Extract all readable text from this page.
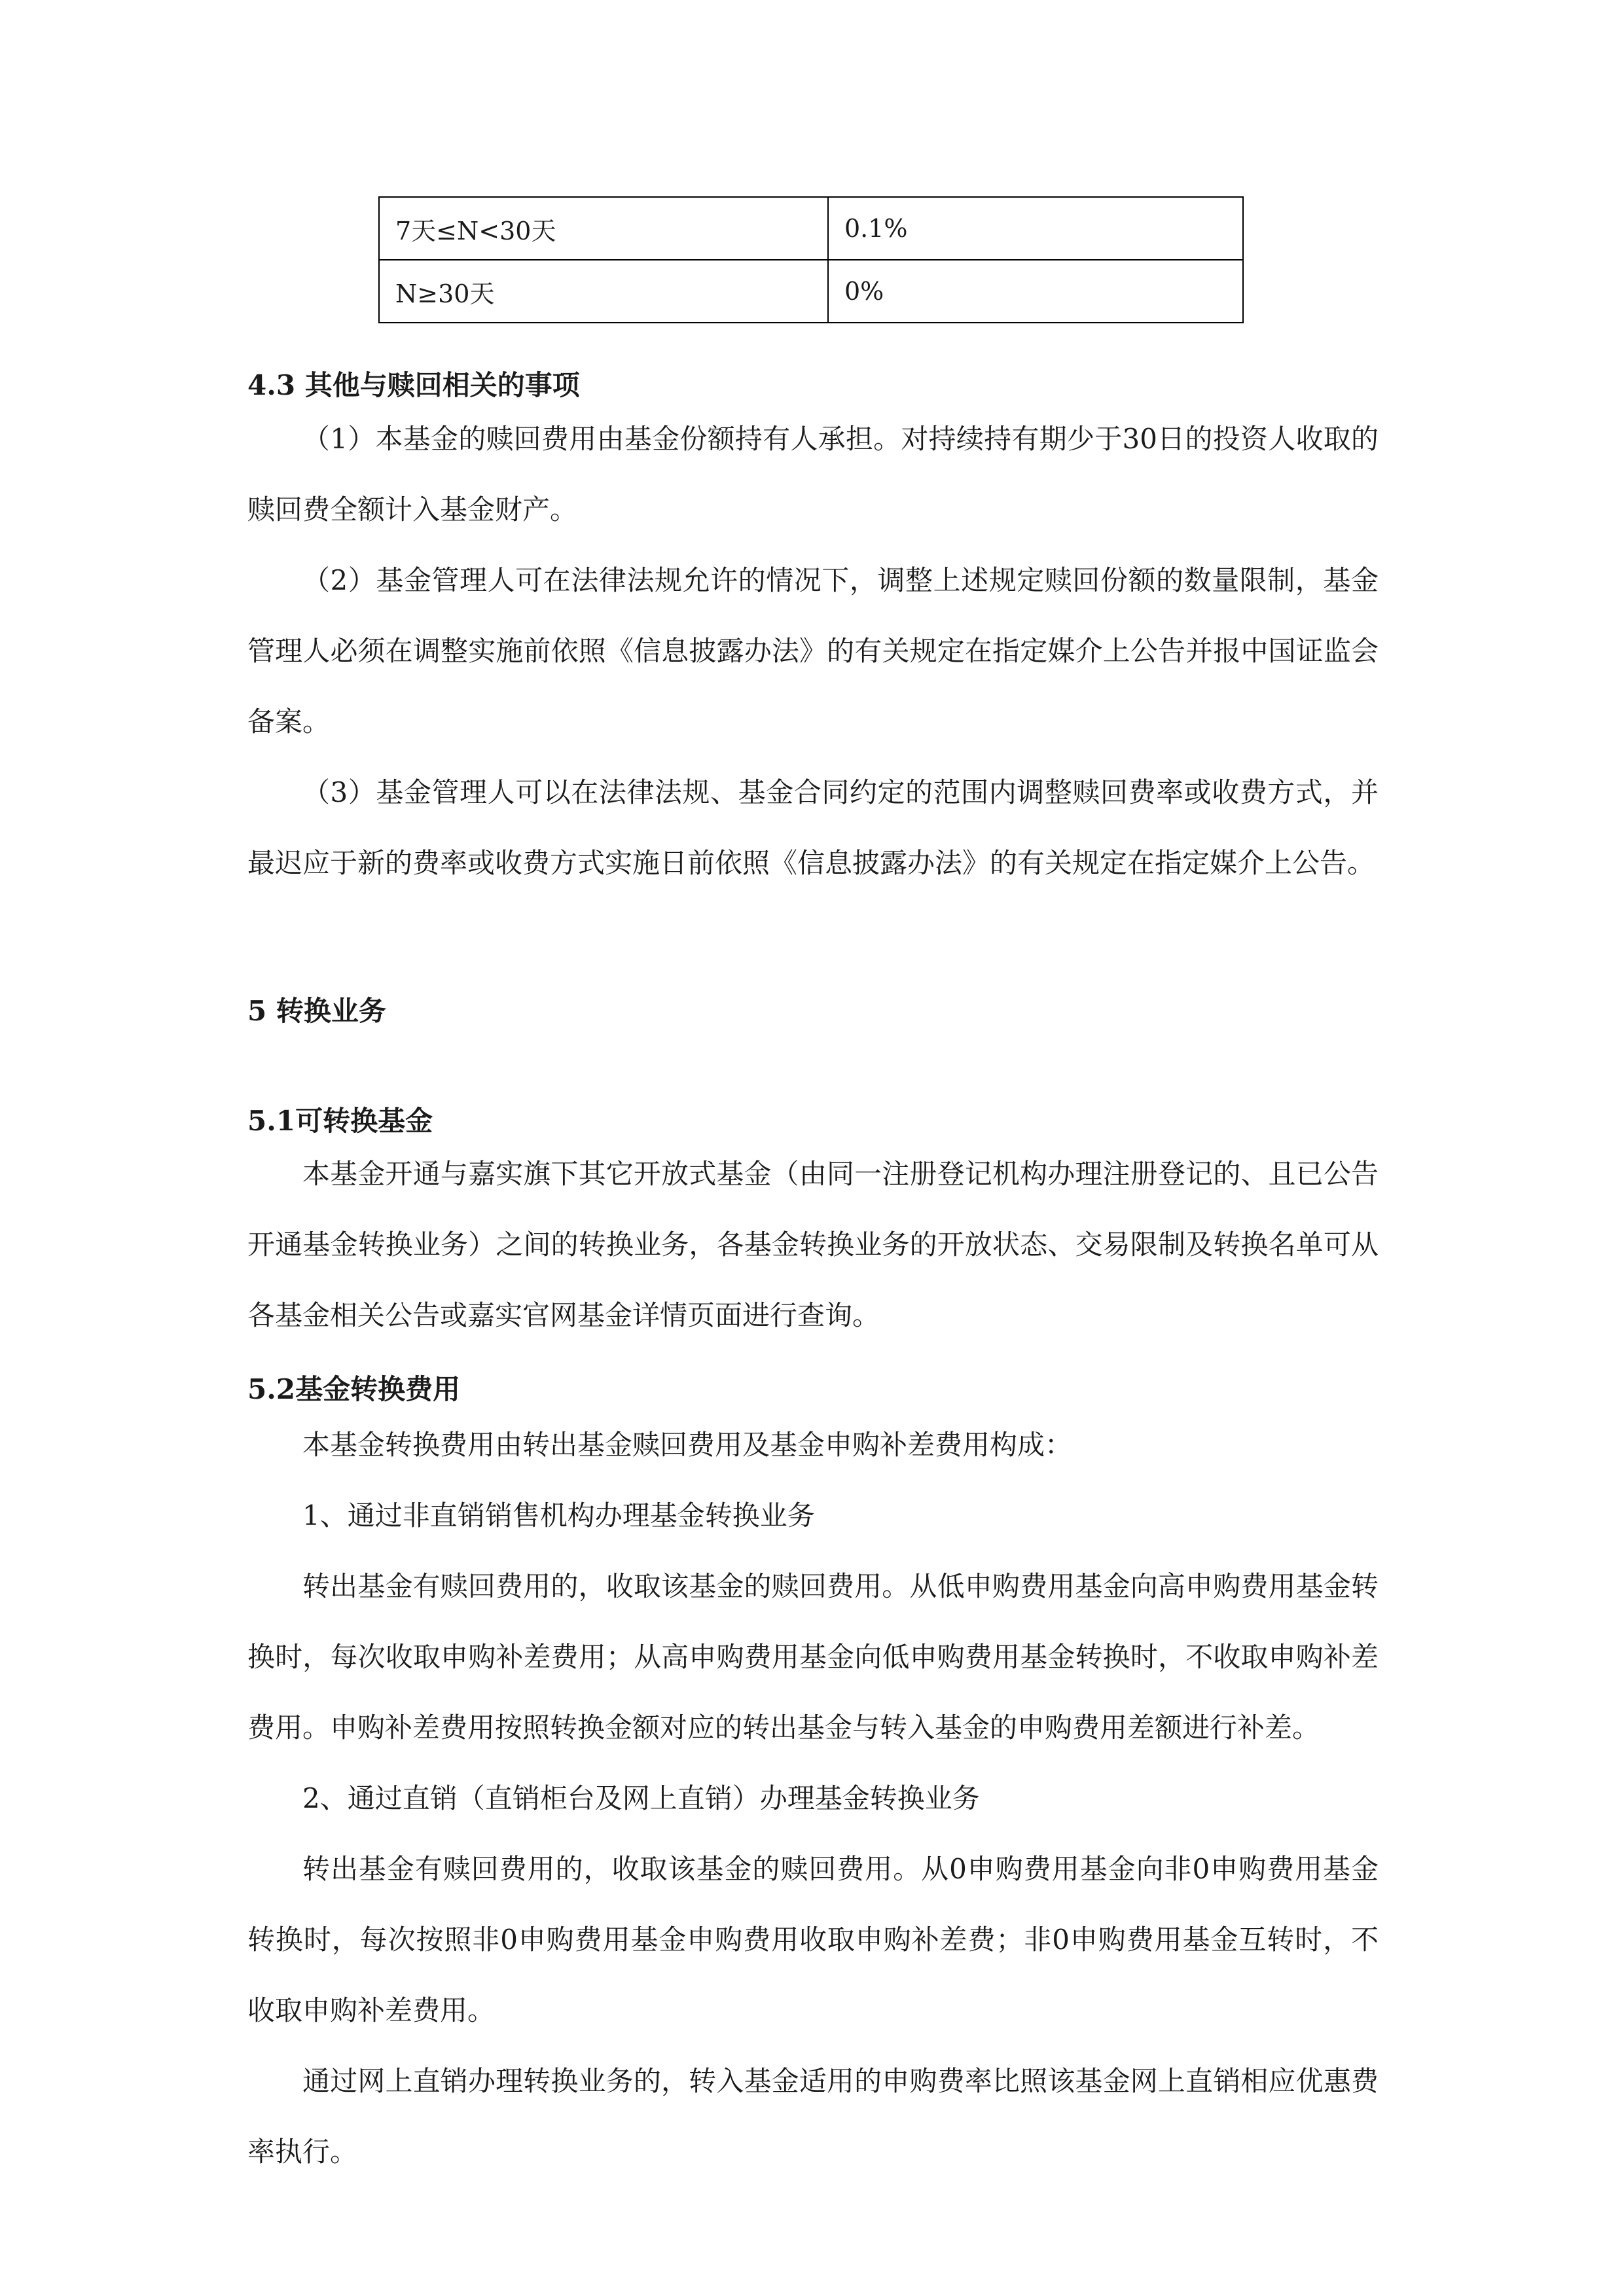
7天≤N<30天	0.1%
N≥30天	0%
4.3 其他与赎回相关的事项
（1）本基金的赎回费用由基金份额持有人承担。对持续持有期少于30日的投资人收取的赎回费全额计入基金财产。
（2）基金管理人可在法律法规允许的情况下，调整上述规定赎回份额的数量限制，基金管理人必须在调整实施前依照《信息披露办法》的有关规定在指定媒介上公告并报中国证监会备案。
（3）基金管理人可以在法律法规、基金合同约定的范围内调整赎回费率或收费方式，并最迟应于新的费率或收费方式实施日前依照《信息披露办法》的有关规定在指定媒介上公告。
5 转换业务
5.1可转换基金
本基金开通与嘉实旗下其它开放式基金（由同一注册登记机构办理注册登记的、且已公告开通基金转换业务）之间的转换业务，各基金转换业务的开放状态、交易限制及转换名单可从各基金相关公告或嘉实官网基金详情页面进行查询。
5.2基金转换费用
本基金转换费用由转出基金赎回费用及基金申购补差费用构成：
1、通过非直销销售机构办理基金转换业务
转出基金有赎回费用的，收取该基金的赎回费用。从低申购费用基金向高申购费用基金转换时，每次收取申购补差费用；从高申购费用基金向低申购费用基金转换时，不收取申购补差费用。申购补差费用按照转换金额对应的转出基金与转入基金的申购费用差额进行补差。
2、通过直销（直销柜台及网上直销）办理基金转换业务
转出基金有赎回费用的，收取该基金的赎回费用。从0申购费用基金向非0申购费用基金转换时，每次按照非0申购费用基金申购费用收取申购补差费；非0申购费用基金互转时，不收取申购补差费用。
通过网上直销办理转换业务的，转入基金适用的申购费率比照该基金网上直销相应优惠费率执行。
